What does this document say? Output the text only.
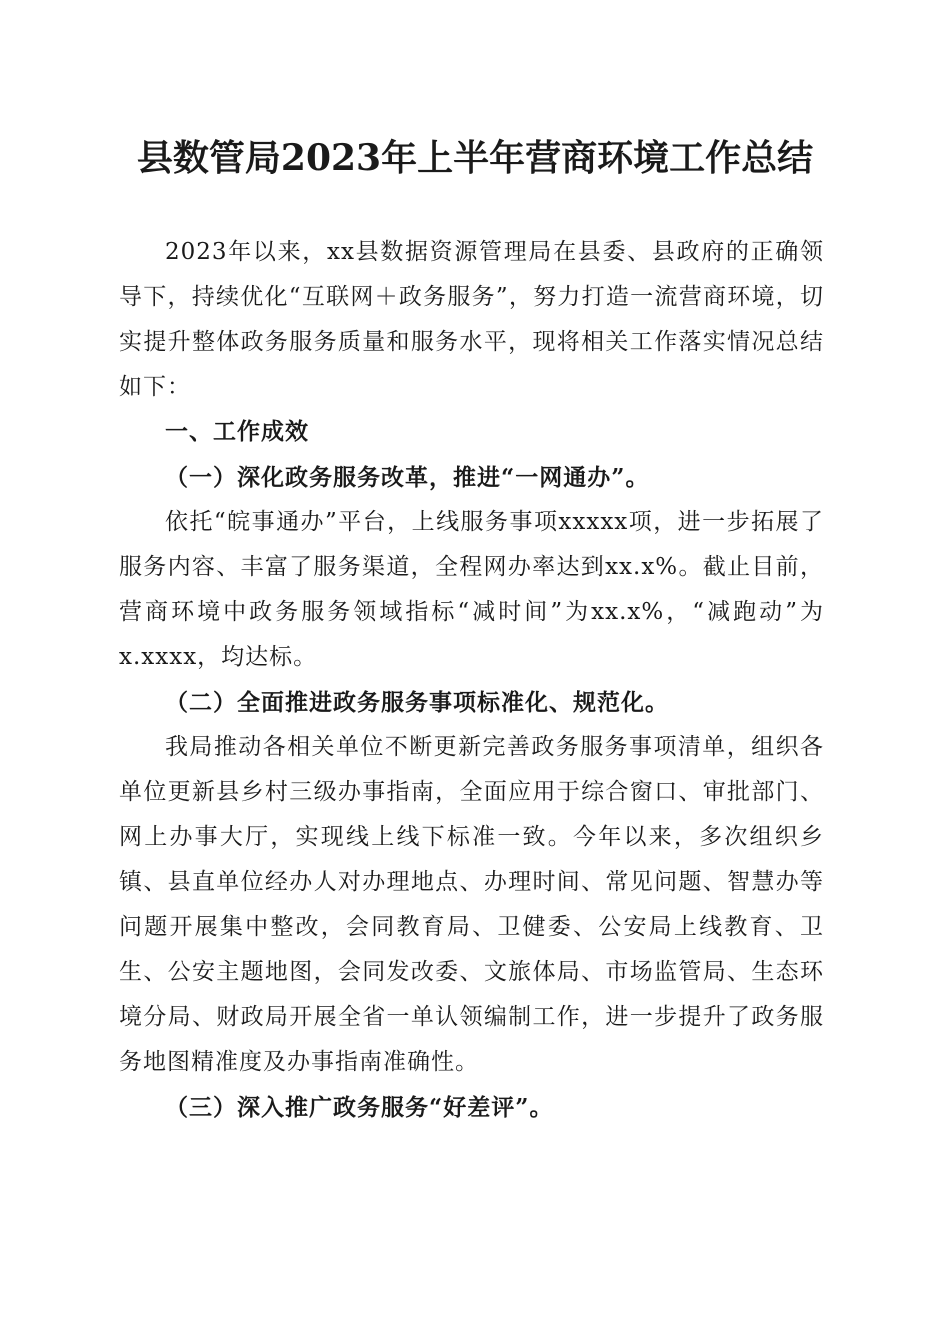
县数管局2023年上半年营商环境工作总结

2023年以来，xx县数据资源管理局在县委、县政府的正确领导下，持续优化“互联网＋政务服务”，努力打造一流营商环境，切实提升整体政务服务质量和服务水平，现将相关工作落实情况总结如下：

一、工作成效

（一）深化政务服务改革，推进“一网通办”。

依托“皖事通办”平台，上线服务事项xxxxx项，进一步拓展了服务内容、丰富了服务渠道，全程网办率达到xx.x%。截止目前，营商环境中政务服务领域指标“减时间”为xx.x%，“减跑动”为x.xxxx，均达标。

（二）全面推进政务服务事项标准化、规范化。

我局推动各相关单位不断更新完善政务服务事项清单，组织各单位更新县乡村三级办事指南，全面应用于综合窗口、审批部门、网上办事大厅，实现线上线下标准一致。今年以来，多次组织乡镇、县直单位经办人对办理地点、办理时间、常见问题、智慧办等问题开展集中整改，会同教育局、卫健委、公安局上线教育、卫生、公安主题地图，会同发改委、文旅体局、市场监管局、生态环境分局、财政局开展全省一单认领编制工作，进一步提升了政务服务地图精准度及办事指南准确性。

（三）深入推广政务服务“好差评”。
